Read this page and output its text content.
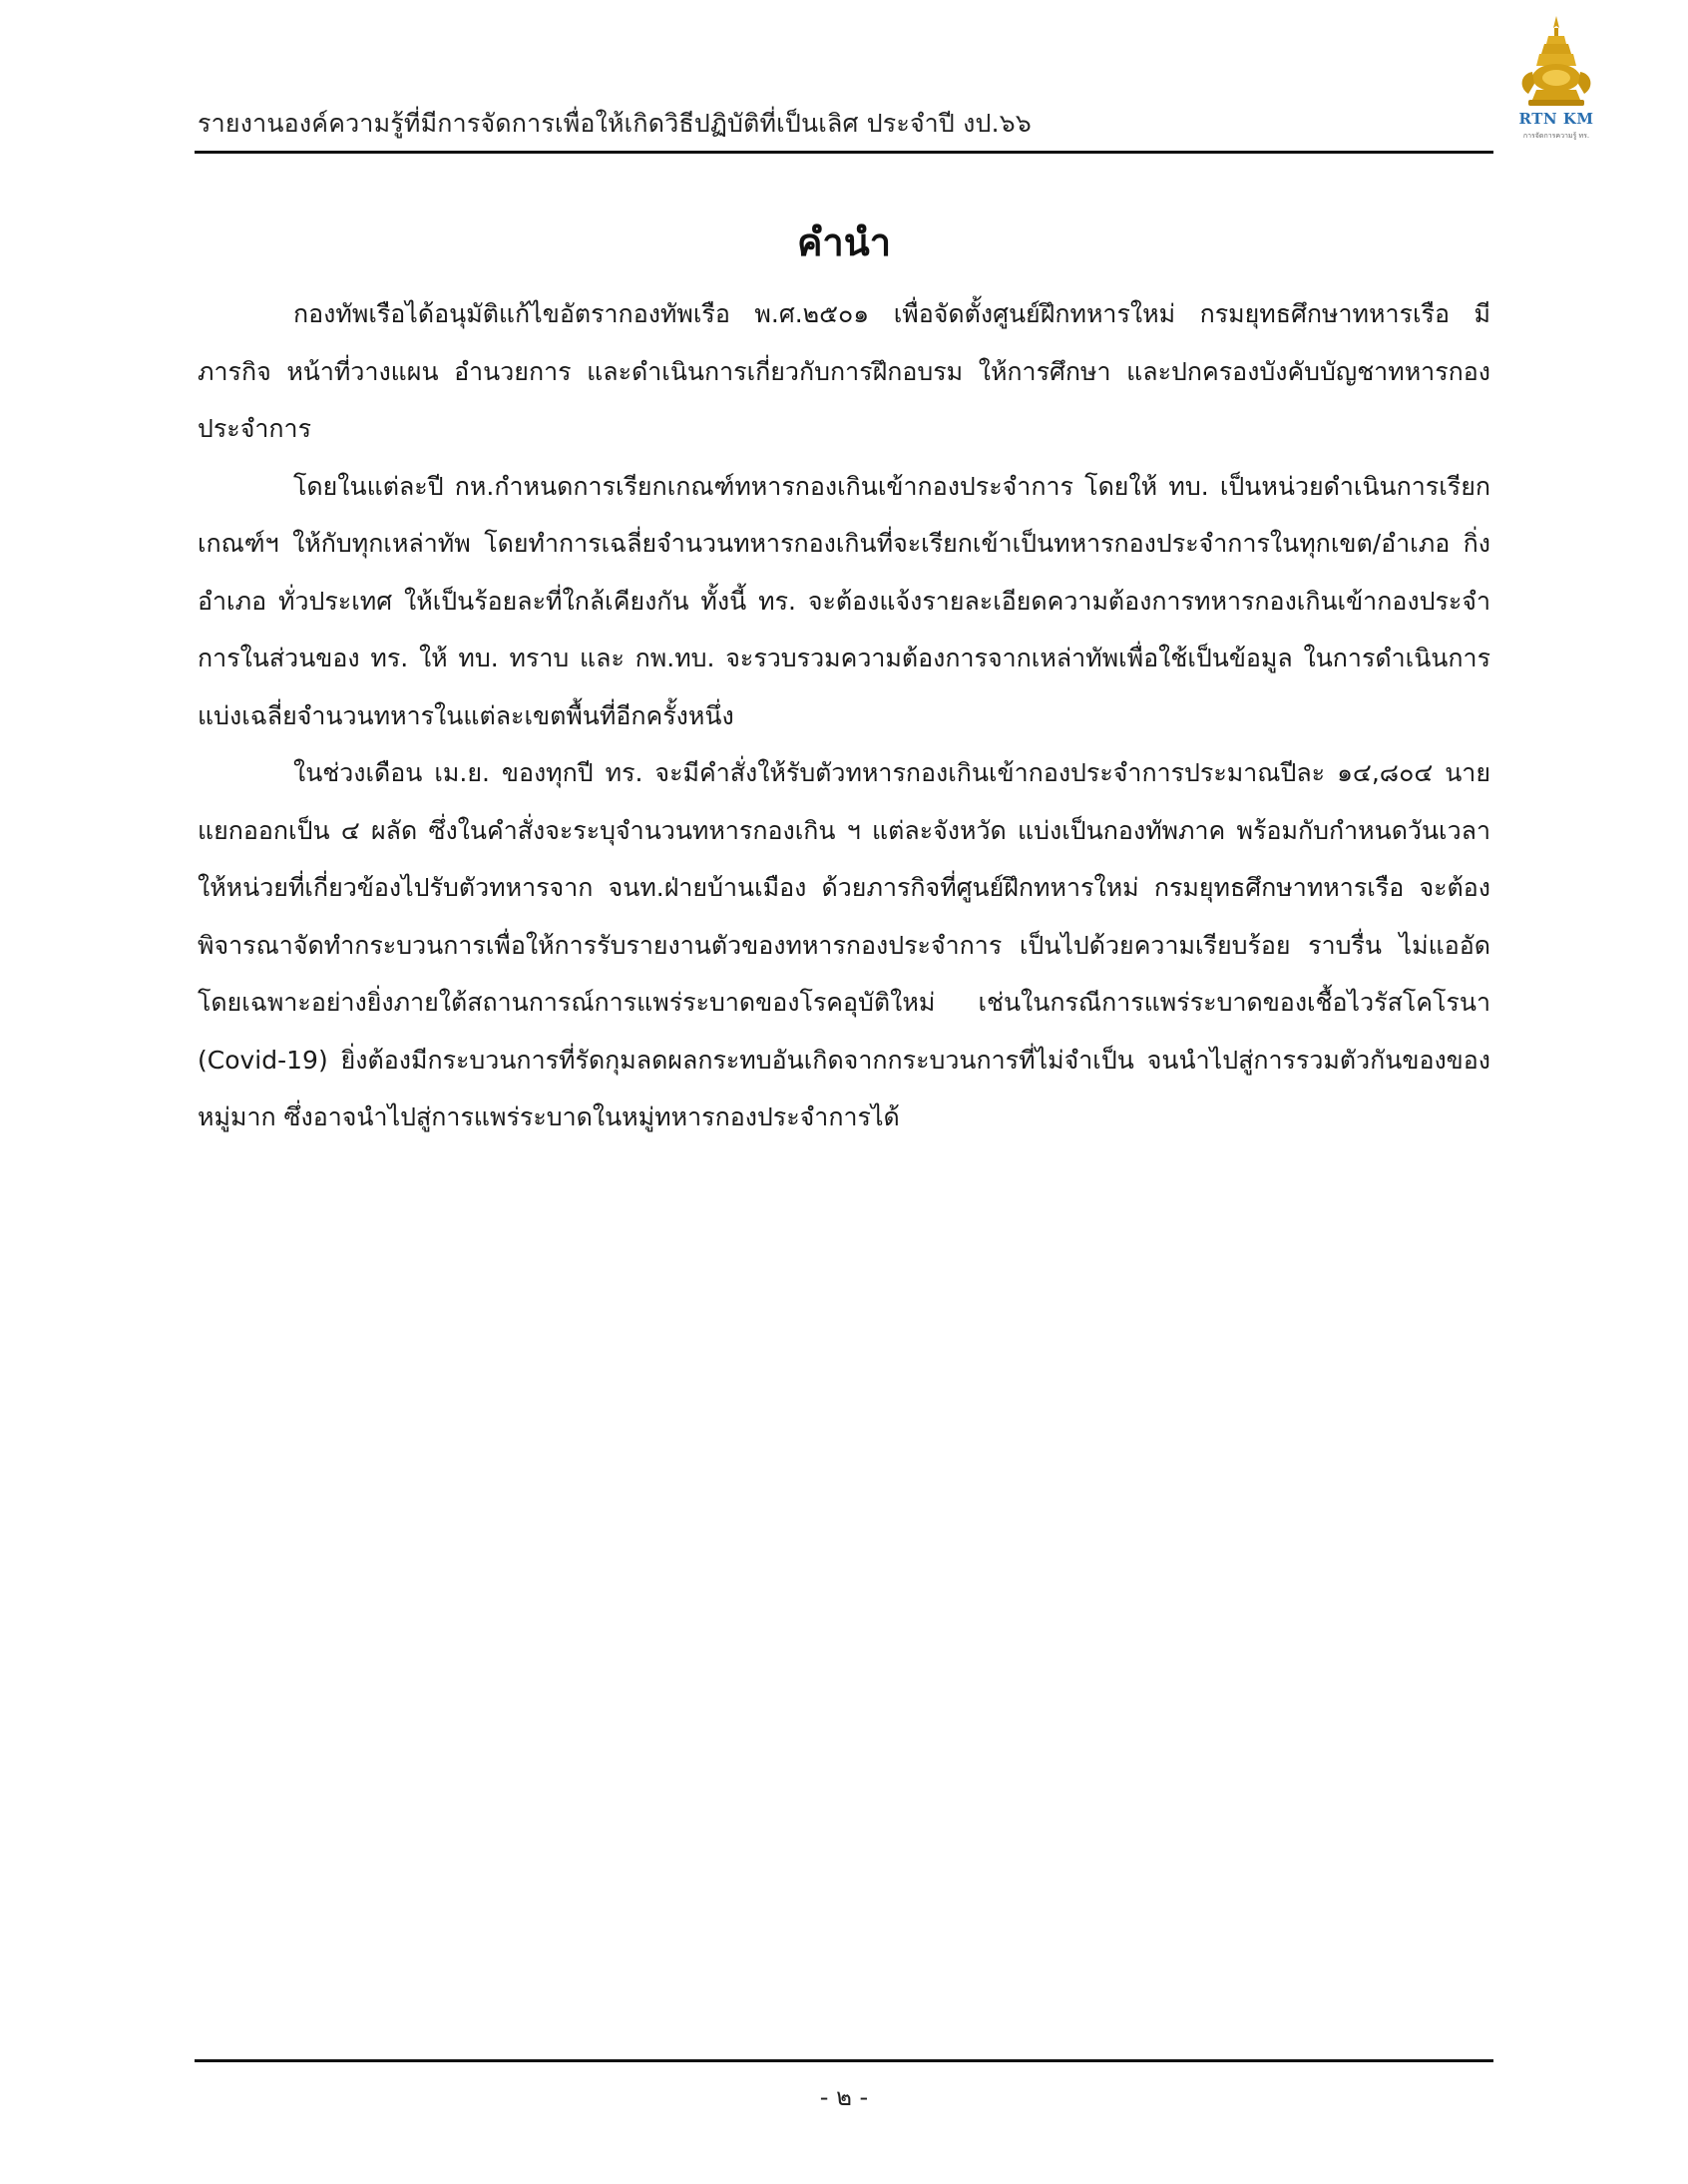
รายงานองค์ความรู้ที่มีการจัดการเพื่อให้เกิดวิธีปฏิบัติที่เป็นเลิศ ประจำปี งป.๖๖	RTN KM
การจัดการความรู้ ทร.
คำนำ

กองทัพเรือได้อนุมัติแก้ไขอัตรากองทัพเรือ พ.ศ.๒๕๐๑ เพื่อจัดตั้งศูนย์ฝึกทหารใหม่ กรมยุทธศึกษาทหารเรือ มีภารกิจ หน้าที่วางแผน อำนวยการ และดำเนินการเกี่ยวกับการฝึกอบรม ให้การศึกษา และปกครองบังคับบัญชาทหารกองประจำการ

โดยในแต่ละปี กห.กำหนดการเรียกเกณฑ์ทหารกองเกินเข้ากองประจำการ โดยให้ ทบ. เป็นหน่วยดำเนินการเรียกเกณฑ์ฯ ให้กับทุกเหล่าทัพ โดยทำการเฉลี่ยจำนวนทหารกองเกินที่จะเรียกเข้าเป็นทหารกองประจำการในทุกเขต/อำเภอ กิ่งอำเภอ ทั่วประเทศ ให้เป็นร้อยละที่ใกล้เคียงกัน ทั้งนี้ ทร. จะต้องแจ้งรายละเอียดความต้องการทหารกองเกินเข้ากองประจำการในส่วนของ ทร. ให้ ทบ. ทราบ และ กพ.ทบ. จะรวบรวมความต้องการจากเหล่าทัพเพื่อใช้เป็นข้อมูล ในการดำเนินการแบ่งเฉลี่ยจำนวนทหารในแต่ละเขตพื้นที่อีกครั้งหนึ่ง

ในช่วงเดือน เม.ย. ของทุกปี ทร. จะมีคำสั่งให้รับตัวทหารกองเกินเข้ากองประจำการประมาณปีละ ๑๔,๘๐๔ นาย แยกออกเป็น ๔ ผลัด ซึ่งในคำสั่งจะระบุจำนวนทหารกองเกิน ฯ แต่ละจังหวัด แบ่งเป็นกองทัพภาค พร้อมกับกำหนดวันเวลาให้หน่วยที่เกี่ยวข้องไปรับตัวทหารจาก จนท.ฝ่ายบ้านเมือง ด้วยภารกิจที่ศูนย์ฝึกทหารใหม่ กรมยุทธศึกษาทหารเรือ จะต้องพิจารณาจัดทำกระบวนการเพื่อให้การรับรายงานตัวของทหารกองประจำการ เป็นไปด้วยความเรียบร้อย ราบรื่น ไม่แออัด โดยเฉพาะอย่างยิ่งภายใต้สถานการณ์การแพร่ระบาดของโรคอุบัติใหม่ เช่นในกรณีการแพร่ระบาดของเชื้อไวรัสโคโรนา (Covid-19) ยิ่งต้องมีกระบวนการที่รัดกุมลดผลกระทบอันเกิดจากกระบวนการที่ไม่จำเป็น จนนำไปสู่การรวมตัวกันของของหมู่มาก ซึ่งอาจนำไปสู่การแพร่ระบาดในหมู่ทหารกองประจำการได้

- ๒ -
